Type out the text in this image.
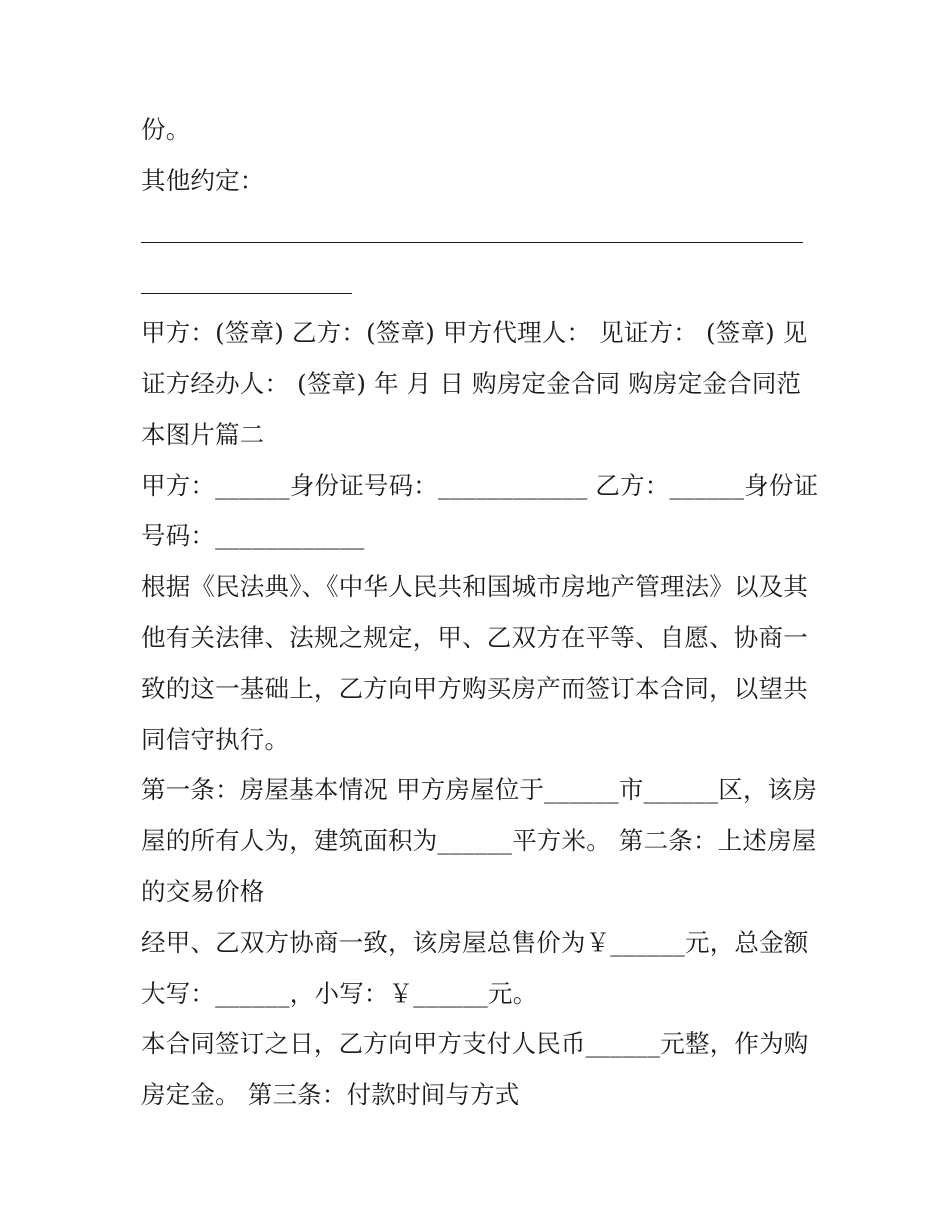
份。

其他约定：

甲方：(签章) 乙方：(签章) 甲方代理人： 见证方： (签章) 见证方经办人： (签章) 年 月 日 购房定金合同 购房定金合同范本图片篇二

甲方：______身份证号码：____________ 乙方：______身份证号码：____________

根据《民法典》、《中华人民共和国城市房地产管理法》以及其他有关法律、法规之规定，甲、乙双方在平等、自愿、协商一致的这一基础上，乙方向甲方购买房产而签订本合同，以望共同信守执行。

第一条：房屋基本情况 甲方房屋位于______市______区，该房屋的所有人为，建筑面积为______平方米。 第二条：上述房屋的交易价格

经甲、乙双方协商一致，该房屋总售价为￥______元，总金额大写：______，小写：￥______元。

本合同签订之日，乙方向甲方支付人民币______元整，作为购房定金。 第三条：付款时间与方式
